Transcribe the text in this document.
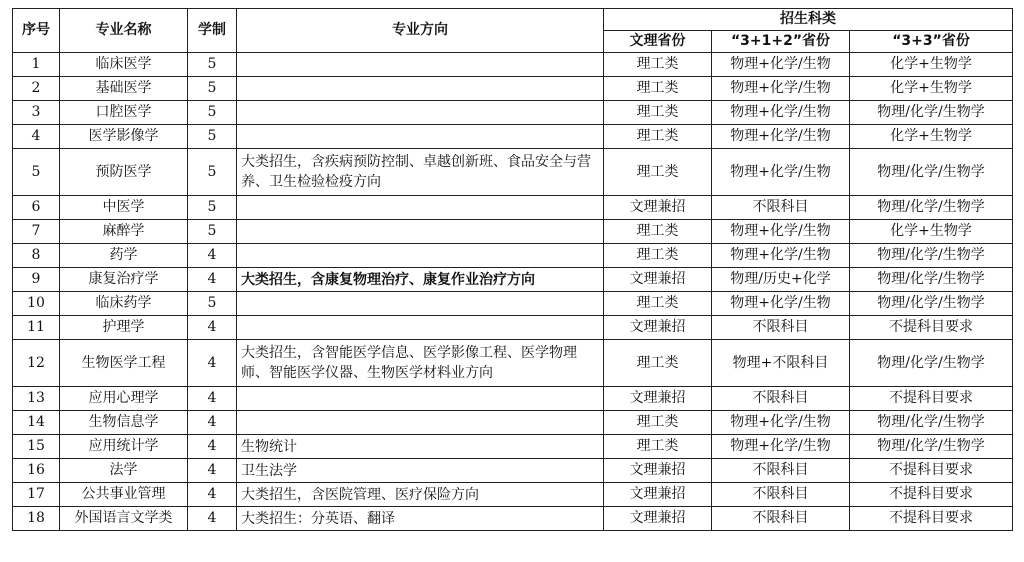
序号	专业名称	学制	专业方向	招生科类		
				文理省份	“3+1+2”省份	“3+3”省份
1	临床医学	5		理工类	物理+化学/生物	化学+生物学
2	基础医学	5		理工类	物理+化学/生物	化学+生物学
3	口腔医学	5		理工类	物理+化学/生物	物理/化学/生物学
4	医学影像学	5		理工类	物理+化学/生物	化学+生物学
5	预防医学	5	大类招生，含疾病预防控制、卓越创新班、食品安全与营养、卫生检验检疫方向	理工类	物理+化学/生物	物理/化学/生物学
6	中医学	5		文理兼招	不限科目	物理/化学/生物学
7	麻醉学	5		理工类	物理+化学/生物	化学+生物学
8	药学	4		理工类	物理+化学/生物	物理/化学/生物学
9	康复治疗学	4	大类招生，含康复物理治疗、康复作业治疗方向	文理兼招	物理/历史+化学	物理/化学/生物学
10	临床药学	5		理工类	物理+化学/生物	物理/化学/生物学
11	护理学	4		文理兼招	不限科目	不提科目要求
12	生物医学工程	4	大类招生，含智能医学信息、医学影像工程、医学物理师、智能医学仪器、生物医学材料业方向	理工类	物理+不限科目	物理/化学/生物学
13	应用心理学	4		文理兼招	不限科目	不提科目要求
14	生物信息学	4		理工类	物理+化学/生物	物理/化学/生物学
15	应用统计学	4	生物统计	理工类	物理+化学/生物	物理/化学/生物学
16	法学	4	卫生法学	文理兼招	不限科目	不提科目要求
17	公共事业管理	4	大类招生，含医院管理、医疗保险方向	文理兼招	不限科目	不提科目要求
18	外国语言文学类	4	大类招生：分英语、翻译	文理兼招	不限科目	不提科目要求
